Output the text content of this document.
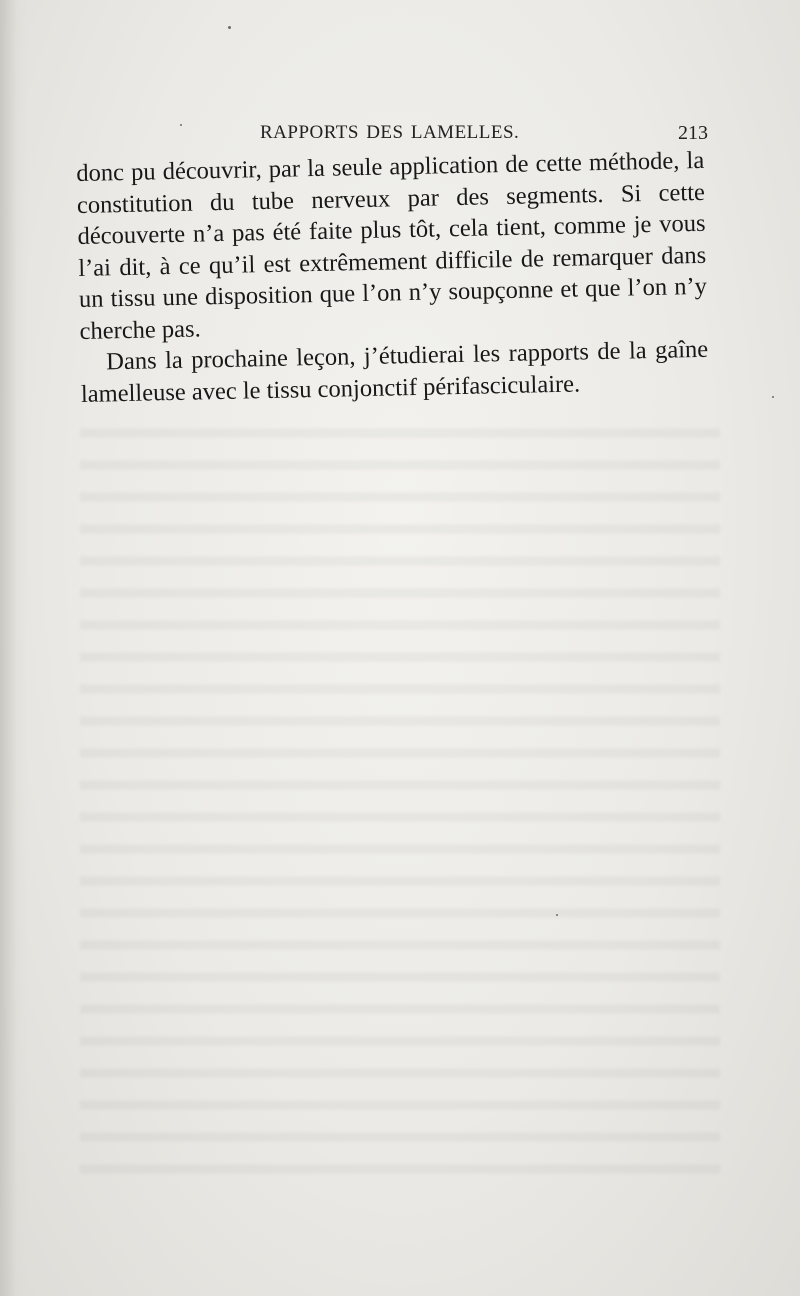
RAPPORTS DES LAMELLES.	213

donc pu découvrir, par la seule application de cette méthode, la constitution du tube nerveux par des segments. Si cette découverte n’a pas été faite plus tôt, cela tient, comme je vous l’ai dit, à ce qu’il est extrêmement difficile de remarquer dans un tissu une disposition que l’on n’y soupçonne et que l’on n’y cherche pas.

Dans la prochaine leçon, j’étudierai les rapports de la gaîne lamelleuse avec le tissu conjonctif périfasciculaire.
